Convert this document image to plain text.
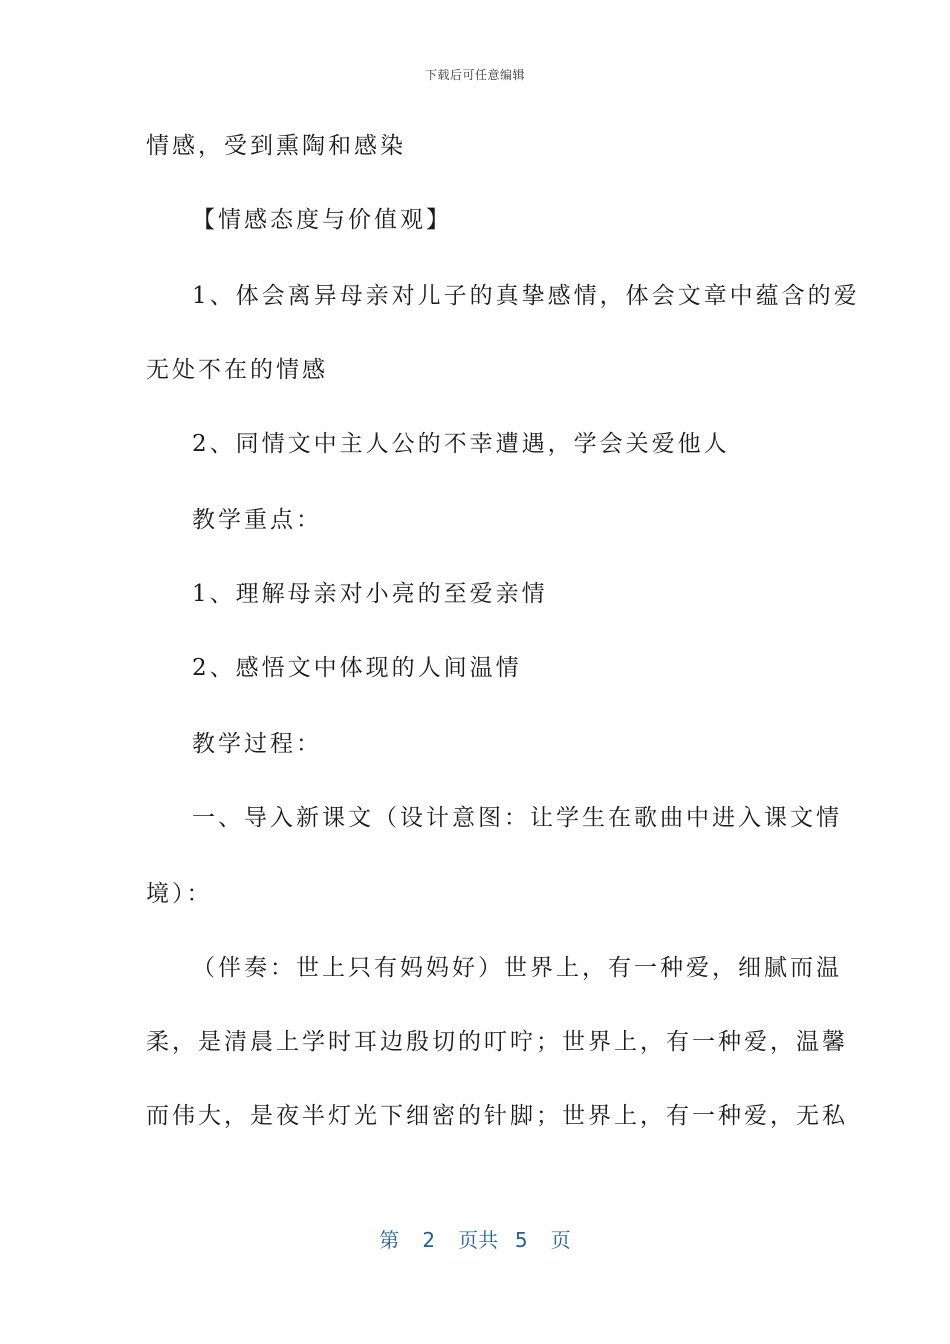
下载后可任意编辑
情感，受到熏陶和感染
【情感态度与价值观】
1、体会离异母亲对儿子的真挚感情，体会文章中蕴含的爱
无处不在的情感
2、同情文中主人公的不幸遭遇，学会关爱他人
教学重点：
1、理解母亲对小亮的至爱亲情
2、感悟文中体现的人间温情
教学过程：
一、导入新课文（设计意图：让学生在歌曲中进入课文情
境）：
（伴奏：世上只有妈妈好）世界上，有一种爱，细腻而温
柔，是清晨上学时耳边殷切的叮咛；世界上，有一种爱，温馨
而伟大，是夜半灯光下细密的针脚；世界上，有一种爱，无私
第 2 页共 5 页
